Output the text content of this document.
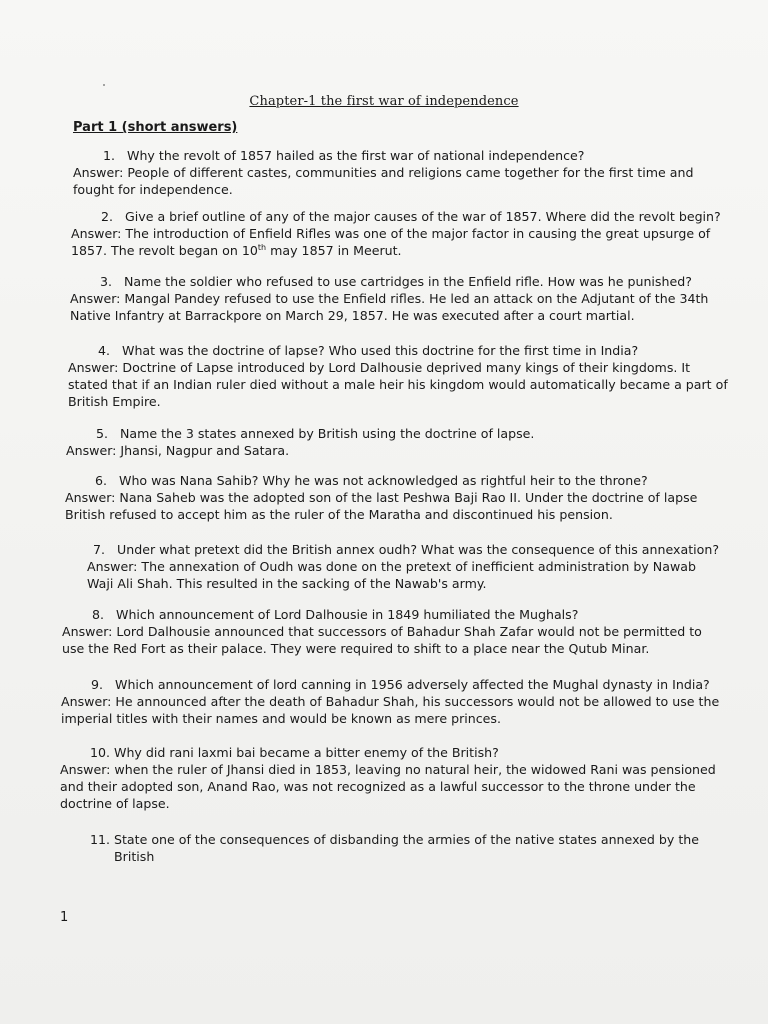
Chapter-1 the first war of independence
Part 1 (short answers)
1. Why the revolt of 1857 hailed as the first war of national independence?
Answer: People of different castes, communities and religions came together for the first time and
fought for independence.
2. Give a brief outline of any of the major causes of the war of 1857. Where did the revolt begin?
Answer: The introduction of Enfield Rifles was one of the major factor in causing the great upsurge of
1857. The revolt began on 10th may 1857 in Meerut.
3. Name the soldier who refused to use cartridges in the Enfield rifle. How was he punished?
Answer: Mangal Pandey refused to use the Enfield rifles. He led an attack on the Adjutant of the 34th
Native Infantry at Barrackpore on March 29, 1857. He was executed after a court martial.
4. What was the doctrine of lapse? Who used this doctrine for the first time in India?
Answer: Doctrine of Lapse introduced by Lord Dalhousie deprived many kings of their kingdoms. It
stated that if an Indian ruler died without a male heir his kingdom would automatically became a part of
British Empire.
5. Name the 3 states annexed by British using the doctrine of lapse.
Answer: Jhansi, Nagpur and Satara.
6. Who was Nana Sahib? Why he was not acknowledged as rightful heir to the throne?
Answer: Nana Saheb was the adopted son of the last Peshwa Baji Rao II. Under the doctrine of lapse
British refused to accept him as the ruler of the Maratha and discontinued his pension.
7. Under what pretext did the British annex oudh? What was the consequence of this annexation?
Answer: The annexation of Oudh was done on the pretext of inefficient administration by Nawab
Waji Ali Shah. This resulted in the sacking of the Nawab's army.
8. Which announcement of Lord Dalhousie in 1849 humiliated the Mughals?
Answer: Lord Dalhousie announced that successors of Bahadur Shah Zafar would not be permitted to
use the Red Fort as their palace. They were required to shift to a place near the Qutub Minar.
9. Which announcement of lord canning in 1956 adversely affected the Mughal dynasty in India?
Answer: He announced after the death of Bahadur Shah, his successors would not be allowed to use the
imperial titles with their names and would be known as mere princes.
10. Why did rani laxmi bai became a bitter enemy of the British?
Answer: when the ruler of Jhansi died in 1853, leaving no natural heir, the widowed Rani was pensioned
and their adopted son, Anand Rao, was not recognized as a lawful successor to the throne under the
doctrine of lapse.
11. State one of the consequences of disbanding the armies of the native states annexed by the
British
1
